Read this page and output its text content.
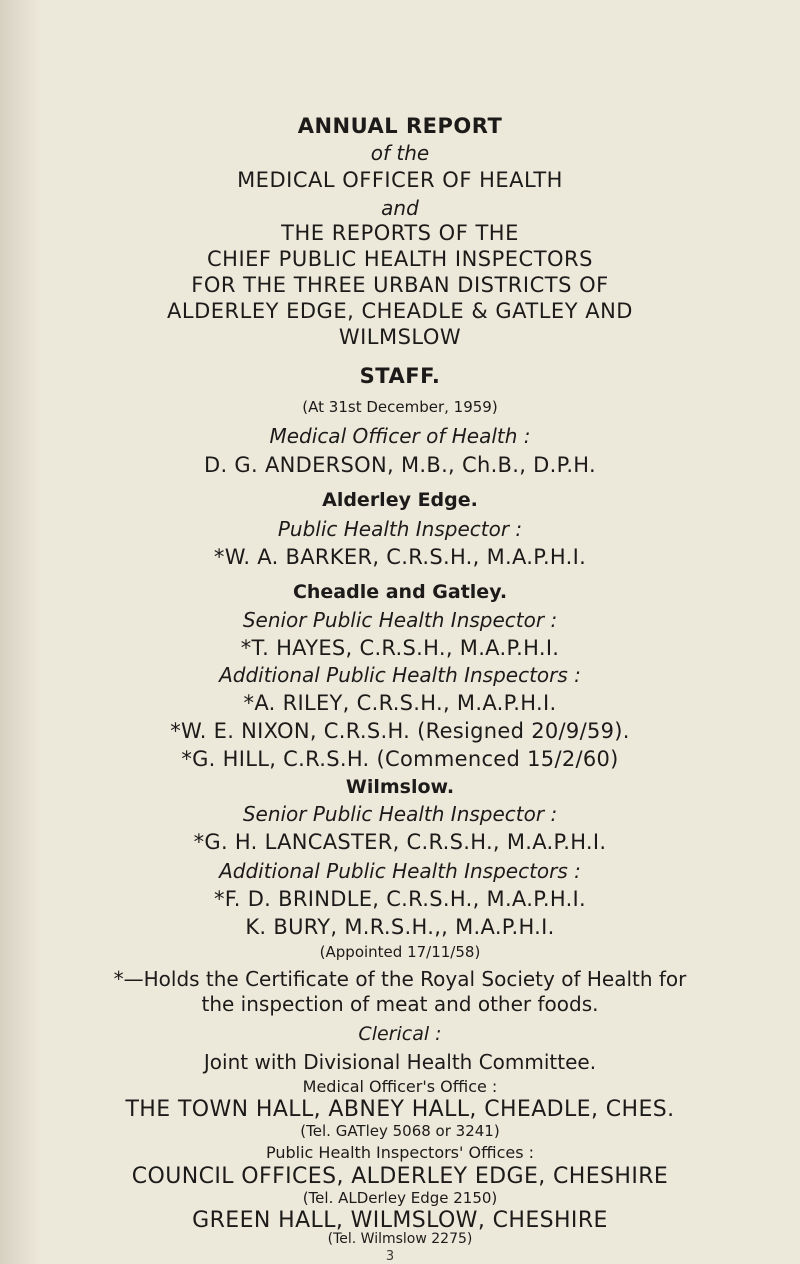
ANNUAL REPORT
of the
MEDICAL OFFICER OF HEALTH
and
THE REPORTS OF THE
CHIEF PUBLIC HEALTH INSPECTORS
FOR THE THREE URBAN DISTRICTS OF
ALDERLEY EDGE, CHEADLE & GATLEY AND
WILMSLOW
STAFF.
(At 31st December, 1959)
Medical Officer of Health :
D. G. ANDERSON, M.B., Ch.B., D.P.H.
Alderley Edge.
Public Health Inspector :
*W. A. BARKER, C.R.S.H., M.A.P.H.I.
Cheadle and Gatley.
Senior Public Health Inspector :
*T. HAYES, C.R.S.H., M.A.P.H.I.
Additional Public Health Inspectors :
*A. RILEY, C.R.S.H., M.A.P.H.I.
*W. E. NIXON, C.R.S.H. (Resigned 20/9/59).
*G. HILL, C.R.S.H. (Commenced 15/2/60)
Wilmslow.
Senior Public Health Inspector :
*G. H. LANCASTER, C.R.S.H., M.A.P.H.I.
Additional Public Health Inspectors :
*F. D. BRINDLE, C.R.S.H., M.A.P.H.I.
K. BURY, M.R.S.H.,, M.A.P.H.I.
(Appointed 17/11/58)
*—Holds the Certificate of the Royal Society of Health for
the inspection of meat and other foods.
Clerical :
Joint with Divisional Health Committee.
Medical Officer's Office :
THE TOWN HALL, ABNEY HALL, CHEADLE, CHES.
(Tel. GATley 5068 or 3241)
Public Health Inspectors' Offices :
COUNCIL OFFICES, ALDERLEY EDGE, CHESHIRE
(Tel. ALDerley Edge 2150)
GREEN HALL, WILMSLOW, CHESHIRE
(Tel. Wilmslow 2275)
3
